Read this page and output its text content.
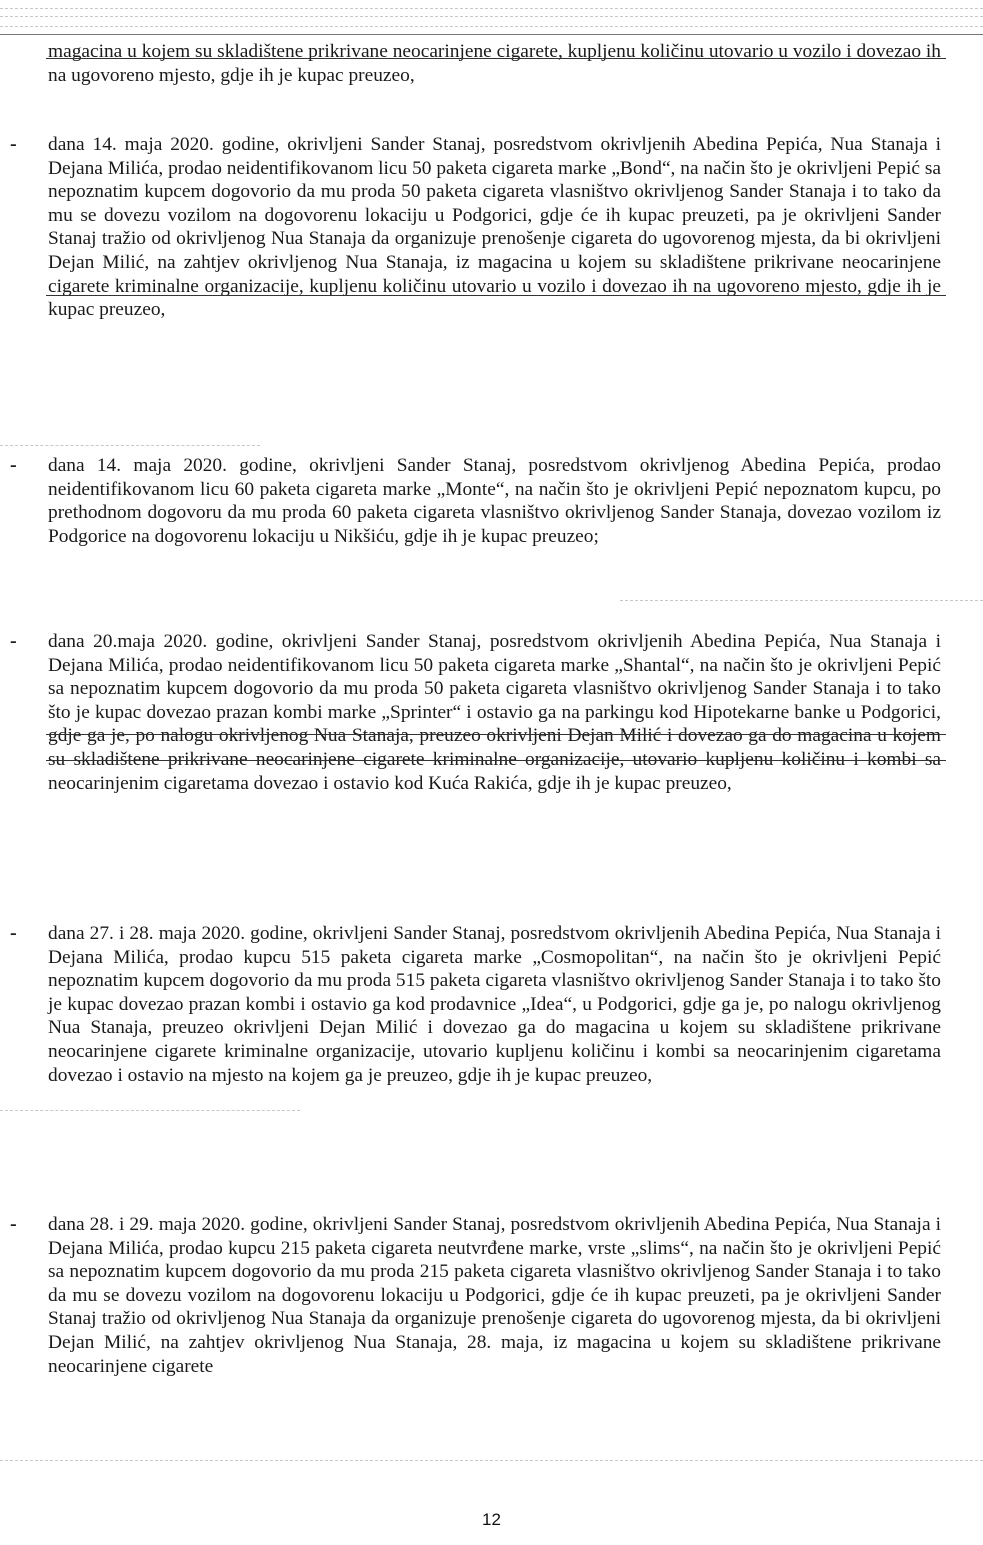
magacina u kojem su skladištene prikrivane neocarinjene cigarete, kupljenu količinu utovario u vozilo i dovezao ih na ugovoreno mjesto, gdje ih je kupac preuzeo,
- dana 14. maja 2020. godine, okrivljeni Sander Stanaj, posredstvom okrivljenih Abedina Pepića, Nua Stanaja i Dejana Milića, prodao neidentifikovanom licu 50 paketa cigareta marke „Bond“, na način što je okrivljeni Pepić sa nepoznatim kupcem dogovorio da mu proda 50 paketa cigareta vlasništvo okrivljenog Sander Stanaja i to tako da mu se dovezu vozilom na dogovorenu lokaciju u Podgorici, gdje će ih kupac preuzeti, pa je okrivljeni Sander Stanaj tražio od okrivljenog Nua Stanaja da organizuje prenošenje cigareta do ugovorenog mjesta, da bi okrivljeni Dejan Milić, na zahtjev okrivljenog Nua Stanaja, iz magacina u kojem su skladištene prikrivane neocarinjene cigarete kriminalne organizacije, kupljenu količinu utovario u vozilo i dovezao ih na ugovoreno mjesto, gdje ih je kupac preuzeo,
- dana 14. maja 2020. godine, okrivljeni Sander Stanaj, posredstvom okrivljenog Abedina Pepića, prodao neidentifikovanom licu 60 paketa cigareta marke „Monte“, na način što je okrivljeni Pepić nepoznatom kupcu, po prethodnom dogovoru da mu proda 60 paketa cigareta vlasništvo okrivljenog Sander Stanaja, dovezao vozilom iz Podgorice na dogovorenu lokaciju u Nikšiću, gdje ih je kupac preuzeo;
- dana 20.maja 2020. godine, okrivljeni Sander Stanaj, posredstvom okrivljenih Abedina Pepića, Nua Stanaja i Dejana Milića, prodao neidentifikovanom licu 50 paketa cigareta marke „Shantal“, na način što je okrivljeni Pepić sa nepoznatim kupcem dogovorio da mu proda 50 paketa cigareta vlasništvo okrivljenog Sander Stanaja i to tako što je kupac dovezao prazan kombi marke „Sprinter“ i ostavio ga na parkingu kod Hipotekarne banke u Podgorici, gdje ga je, po nalogu okrivljenog Nua Stanaja, preuzeo okrivljeni Dejan Milić i dovezao ga do magacina u kojem su skladištene prikrivane neocarinjene cigarete kriminalne organizacije, utovario kupljenu količinu i kombi sa neocarinjenim cigaretama dovezao i ostavio kod Kuća Rakića, gdje ih je kupac preuzeo,
- dana 27. i 28. maja 2020. godine, okrivljeni Sander Stanaj, posredstvom okrivljenih Abedina Pepića, Nua Stanaja i Dejana Milića, prodao kupcu 515 paketa cigareta marke „Cosmopolitan“, na način što je okrivljeni Pepić nepoznatim kupcem dogovorio da mu proda 515 paketa cigareta vlasništvo okrivljenog Sander Stanaja i to tako što je kupac dovezao prazan kombi i ostavio ga kod prodavnice „Idea“, u Podgorici, gdje ga je, po nalogu okrivljenog Nua Stanaja, preuzeo okrivljeni Dejan Milić i dovezao ga do magacina u kojem su skladištene prikrivane neocarinjene cigarete kriminalne organizacije, utovario kupljenu količinu i kombi sa neocarinjenim cigaretama dovezao i ostavio na mjesto na kojem ga je preuzeo, gdje ih je kupac preuzeo,
- dana 28. i 29. maja 2020. godine, okrivljeni Sander Stanaj, posredstvom okrivljenih Abedina Pepića, Nua Stanaja i Dejana Milića, prodao kupcu 215 paketa cigareta neutvrđene marke, vrste „slims“, na način što je okrivljeni Pepić sa nepoznatim kupcem dogovorio da mu proda 215 paketa cigareta vlasništvo okrivljenog Sander Stanaja i to tako da mu se dovezu vozilom na dogovorenu lokaciju u Podgorici, gdje će ih kupac preuzeti, pa je okrivljeni Sander Stanaj tražio od okrivljenog Nua Stanaja da organizuje prenošenje cigareta do ugovorenog mjesta, da bi okrivljeni Dejan Milić, na zahtjev okrivljenog Nua Stanaja, 28. maja, iz magacina u kojem su skladištene prikrivane neocarinjene cigarete
12
